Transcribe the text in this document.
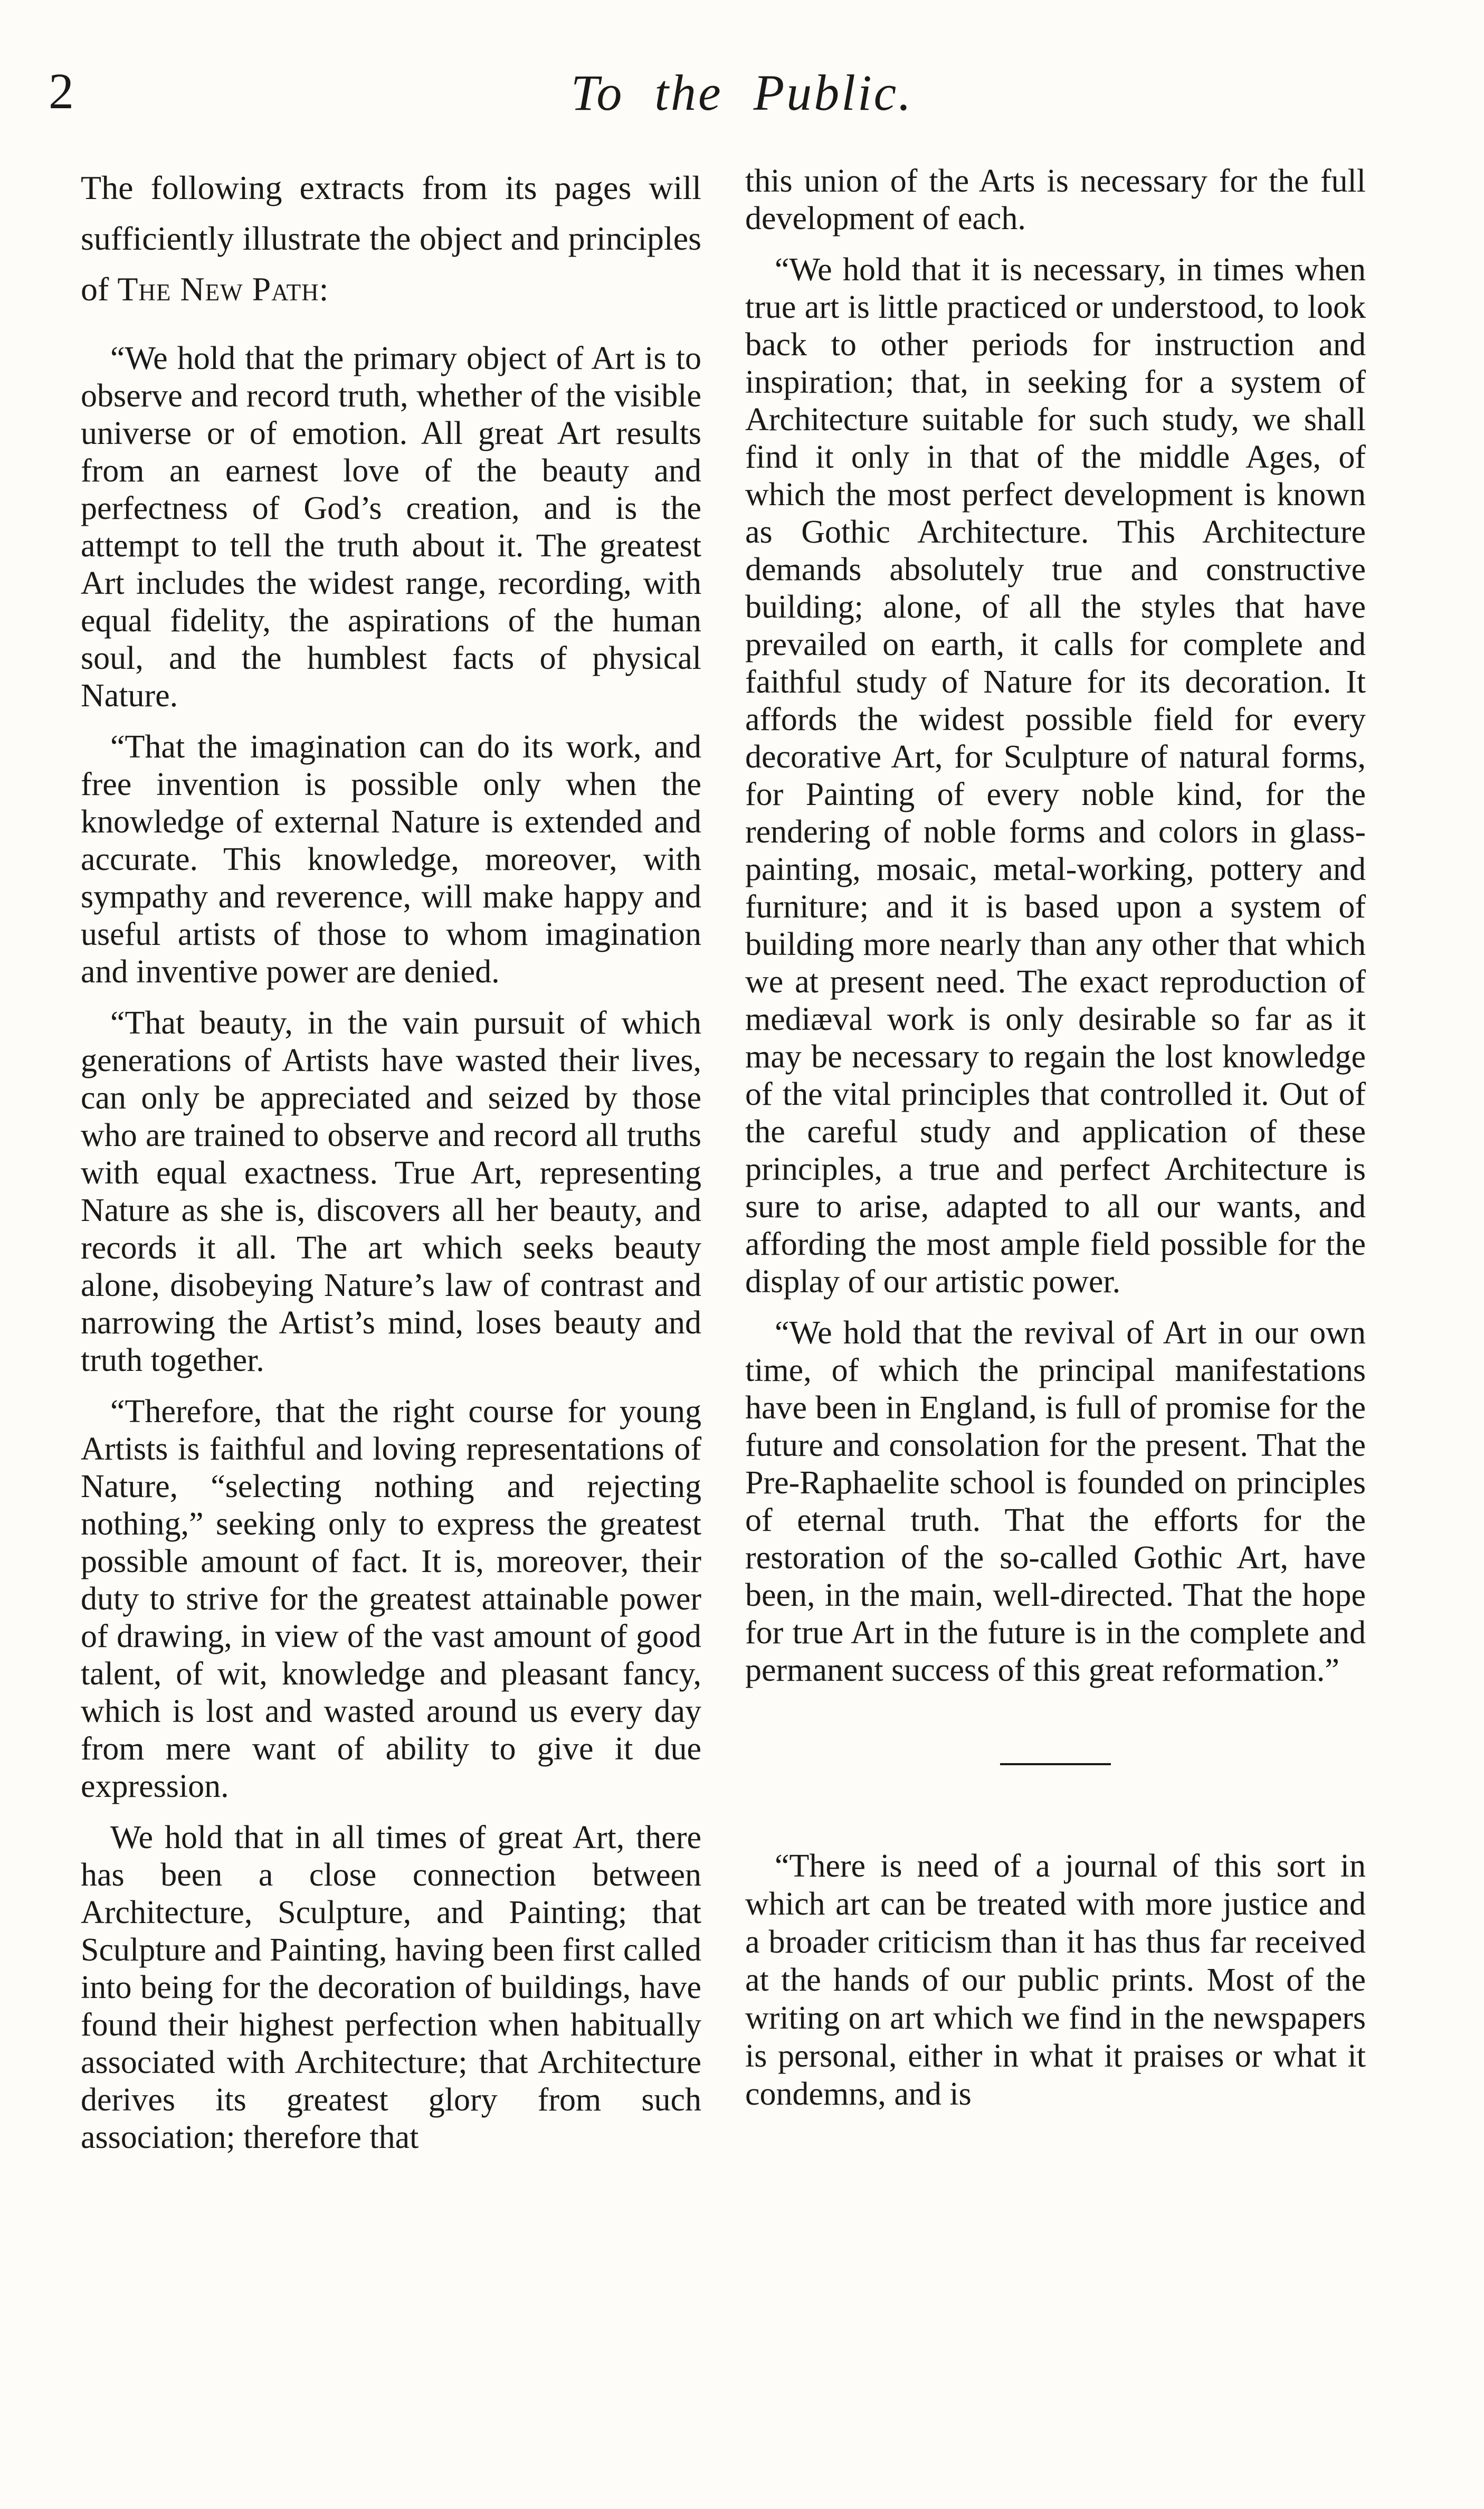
2	To the Public.

The following extracts from its pages will sufficiently illustrate the object and principles of The New Path:

“We hold that the primary object of Art is to observe and record truth, whether of the visible universe or of emotion. All great Art results from an earnest love of the beauty and perfectness of God’s creation, and is the attempt to tell the truth about it. The greatest Art includes the widest range, recording, with equal fidelity, the aspirations of the human soul, and the humblest facts of physical Nature.

“That the imagination can do its work, and free invention is possible only when the knowledge of external Nature is extended and accurate. This knowledge, moreover, with sympathy and reverence, will make happy and useful artists of those to whom imagination and inventive power are denied.

“That beauty, in the vain pursuit of which generations of Artists have wasted their lives, can only be appreciated and seized by those who are trained to observe and record all truths with equal exactness. True Art, representing Nature as she is, discovers all her beauty, and records it all. The art which seeks beauty alone, disobeying Nature’s law of contrast and narrowing the Artist’s mind, loses beauty and truth together.

“Therefore, that the right course for young Artists is faithful and loving representations of Nature, “selecting nothing and rejecting nothing,” seeking only to express the greatest possible amount of fact. It is, moreover, their duty to strive for the greatest attainable power of drawing, in view of the vast amount of good talent, of wit, knowledge and pleasant fancy, which is lost and wasted around us every day from mere want of ability to give it due expression.

We hold that in all times of great Art, there has been a close connection between Architecture, Sculpture, and Painting; that Sculpture and Painting, having been first called into being for the decoration of buildings, have found their highest perfection when habitually associated with Architecture; that Architecture derives its greatest glory from such association; therefore that

this union of the Arts is necessary for the full development of each.

“We hold that it is necessary, in times when true art is little practiced or understood, to look back to other periods for instruction and inspiration; that, in seeking for a system of Architecture suitable for such study, we shall find it only in that of the middle Ages, of which the most perfect development is known as Gothic Architecture. This Architecture demands absolutely true and constructive building; alone, of all the styles that have prevailed on earth, it calls for complete and faithful study of Nature for its decoration. It affords the widest possible field for every decorative Art, for Sculpture of natural forms, for Painting of every noble kind, for the rendering of noble forms and colors in glass-painting, mosaic, metal-working, pottery and furniture; and it is based upon a system of building more nearly than any other that which we at present need. The exact reproduction of mediæval work is only desirable so far as it may be necessary to regain the lost knowledge of the vital principles that controlled it. Out of the careful study and application of these principles, a true and perfect Architecture is sure to arise, adapted to all our wants, and affording the most ample field possible for the display of our artistic power.

“We hold that the revival of Art in our own time, of which the principal manifestations have been in England, is full of promise for the future and consolation for the present. That the Pre-Raphaelite school is founded on principles of eternal truth. That the efforts for the restoration of the so-called Gothic Art, have been, in the main, well-directed. That the hope for true Art in the future is in the complete and permanent success of this great reformation.”

“There is need of a journal of this sort in which art can be treated with more justice and a broader criticism than it has thus far received at the hands of our public prints. Most of the writing on art which we find in the newspapers is personal, either in what it praises or what it condemns, and is
